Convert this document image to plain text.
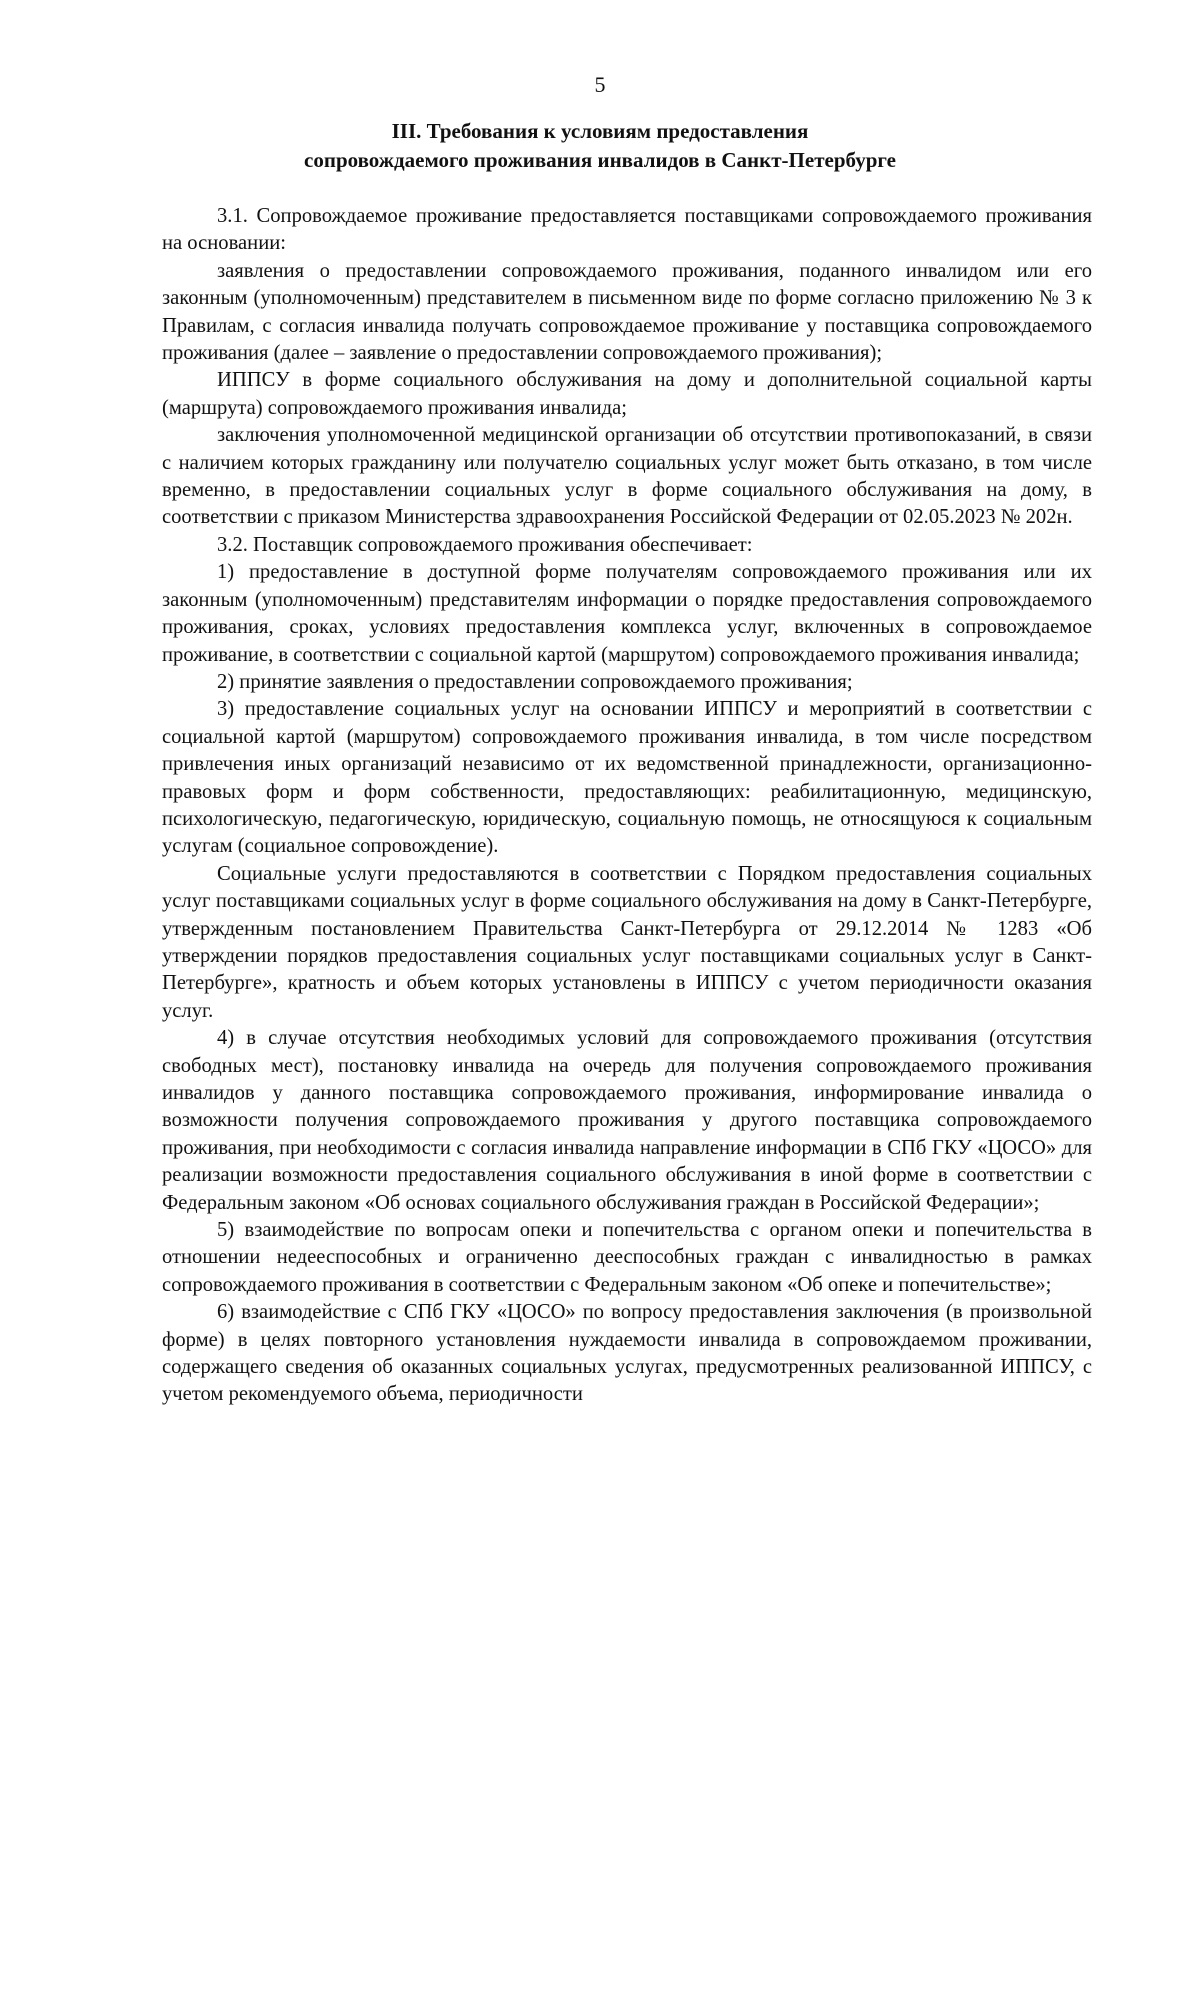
5
III. Требования к условиям предоставления
сопровождаемого проживания инвалидов в Санкт-Петербурге

3.1. Сопровождаемое проживание предоставляется поставщиками сопровождаемого проживания на основании:

заявления о предоставлении сопровождаемого проживания, поданного инвалидом или его законным (уполномоченным) представителем в письменном виде по форме согласно приложению № 3 к Правилам, с согласия инвалида получать сопровождаемое проживание у поставщика сопровождаемого проживания (далее – заявление о предоставлении сопровождаемого проживания);

ИППСУ в форме социального обслуживания на дому и дополнительной социальной карты (маршрута) сопровождаемого проживания инвалида;

заключения уполномоченной медицинской организации об отсутствии противопоказаний, в связи с наличием которых гражданину или получателю социальных услуг может быть отказано, в том числе временно, в предоставлении социальных услуг в форме социального обслуживания на дому, в соответствии с приказом Министерства здравоохранения Российской Федерации от 02.05.2023 № 202н.

3.2. Поставщик сопровождаемого проживания обеспечивает:

1) предоставление в доступной форме получателям сопровождаемого проживания или их законным (уполномоченным) представителям информации о порядке предоставления сопровождаемого проживания, сроках, условиях предоставления комплекса услуг, включенных в сопровождаемое проживание, в соответствии с социальной картой (маршрутом) сопровождаемого проживания инвалида;

2) принятие заявления о предоставлении сопровождаемого проживания;

3) предоставление социальных услуг на основании ИППСУ и мероприятий в соответствии с социальной картой (маршрутом) сопровождаемого проживания инвалида, в том числе посредством привлечения иных организаций независимо от их ведомственной принадлежности, организационно-правовых форм и форм собственности, предоставляющих: реабилитационную, медицинскую, психологическую, педагогическую, юридическую, социальную помощь, не относящуюся к социальным услугам (социальное сопровождение).

Социальные услуги предоставляются в соответствии с Порядком предоставления социальных услуг поставщиками социальных услуг в форме социального обслуживания на дому в Санкт-Петербурге, утвержденным постановлением Правительства Санкт-Петербурга от 29.12.2014 № 1283 «Об утверждении порядков предоставления социальных услуг поставщиками социальных услуг в Санкт-Петербурге», кратность и объем которых установлены в ИППСУ с учетом периодичности оказания услуг.

4) в случае отсутствия необходимых условий для сопровождаемого проживания (отсутствия свободных мест), постановку инвалида на очередь для получения сопровождаемого проживания инвалидов у данного поставщика сопровождаемого проживания, информирование инвалида о возможности получения сопровождаемого проживания у другого поставщика сопровождаемого проживания, при необходимости с согласия инвалида направление информации в СПб ГКУ «ЦОСО» для реализации возможности предоставления социального обслуживания в иной форме в соответствии с Федеральным законом «Об основах социального обслуживания граждан в Российской Федерации»;

5) взаимодействие по вопросам опеки и попечительства с органом опеки и попечительства в отношении недееспособных и ограниченно дееспособных граждан с инвалидностью в рамках сопровождаемого проживания в соответствии с Федеральным законом «Об опеке и попечительстве»;

6) взаимодействие с СПб ГКУ «ЦОСО» по вопросу предоставления заключения (в произвольной форме) в целях повторного установления нуждаемости инвалида в сопровождаемом проживании, содержащего сведения об оказанных социальных услугах, предусмотренных реализованной ИППСУ, с учетом рекомендуемого объема, периодичности
